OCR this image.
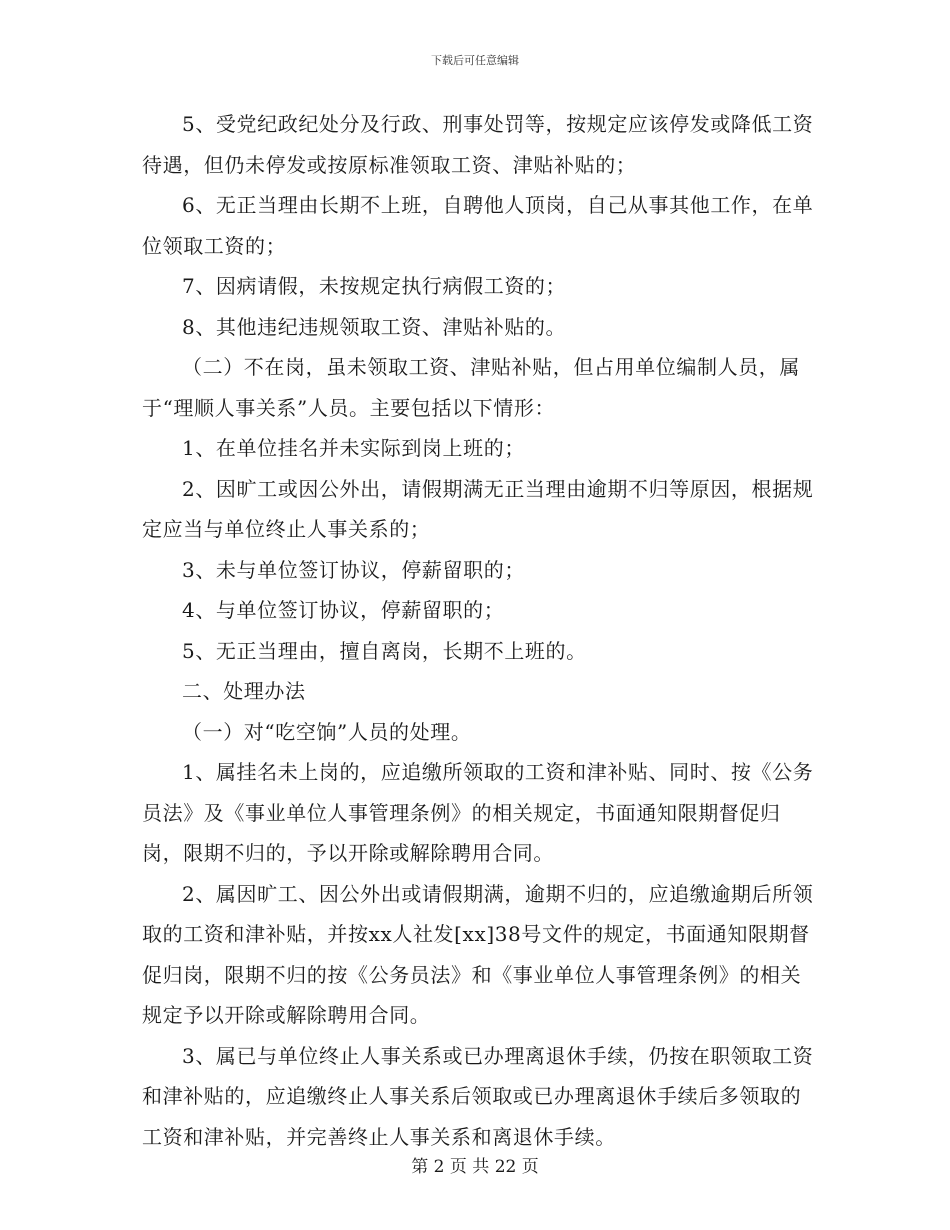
下载后可任意编辑

5、受党纪政纪处分及行政、刑事处罚等，按规定应该停发或降低工资待遇，但仍未停发或按原标准领取工资、津贴补贴的；

6、无正当理由长期不上班，自聘他人顶岗，自己从事其他工作，在单位领取工资的；

7、因病请假，未按规定执行病假工资的；

8、其他违纪违规领取工资、津贴补贴的。

（二）不在岗，虽未领取工资、津贴补贴，但占用单位编制人员，属于“理顺人事关系”人员。主要包括以下情形：

1、在单位挂名并未实际到岗上班的；

2、因旷工或因公外出，请假期满无正当理由逾期不归等原因，根据规定应当与单位终止人事关系的；

3、未与单位签订协议，停薪留职的；

4、与单位签订协议，停薪留职的；

5、无正当理由，擅自离岗，长期不上班的。

二、处理办法

（一）对“吃空饷”人员的处理。

1、属挂名未上岗的，应追缴所领取的工资和津补贴、同时、按《公务员法》及《事业单位人事管理条例》的相关规定，书面通知限期督促归岗，限期不归的，予以开除或解除聘用合同。

2、属因旷工、因公外出或请假期满，逾期不归的，应追缴逾期后所领取的工资和津补贴，并按xx人社发[xx]38号文件的规定，书面通知限期督促归岗，限期不归的按《公务员法》和《事业单位人事管理条例》的相关规定予以开除或解除聘用合同。

3、属已与单位终止人事关系或已办理离退休手续，仍按在职领取工资和津补贴的，应追缴终止人事关系后领取或已办理离退休手续后多领取的工资和津补贴，并完善终止人事关系和离退休手续。

第 2 页 共 22 页
